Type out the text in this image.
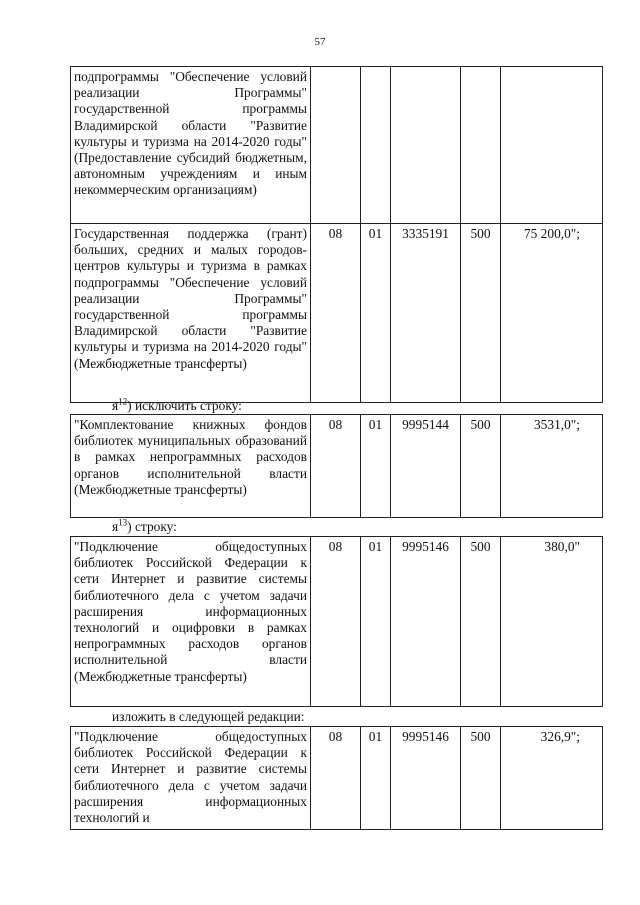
57
подпрограммы "Обеспечение условий реализации Программы" государственной программы Владимирской области "Развитие культуры и туризма на 2014-2020 годы" (Предоставление субсидий бюджетным, автономным учреждениям и иным некоммерческим организациям)					
Государственная поддержка (грант) больших, средних и малых городов-центров культуры и туризма в рамках подпрограммы "Обеспечение условий реализации Программы" государственной программы Владимирской области "Развитие культуры и туризма на 2014-2020 годы" (Межбюджетные трансферты)	08	01	3335191	500	75 200,0";
$я^{12}$) исключить строку:
"Комплектование книжных фондов библиотек муниципальных образований в рамках непрограммных расходов органов исполнительной власти (Межбюджетные трансферты)	08	01	9995144	500	3531,0";
$я^{13}$) строку:
"Подключение общедоступных библиотек Российской Федерации к сети Интернет и развитие системы библиотечного дела с учетом задачи расширения информационных технологий и оцифровки в рамках непрограммных расходов органов исполнительной власти (Межбюджетные трансферты)	08	01	9995146	500	380,0"
изложить в следующей редакции:
"Подключение общедоступных библиотек Российской Федерации к сети Интернет и развитие системы библиотечного дела с учетом задачи расширения информационных технологий и	08	01	9995146	500	326,9";
